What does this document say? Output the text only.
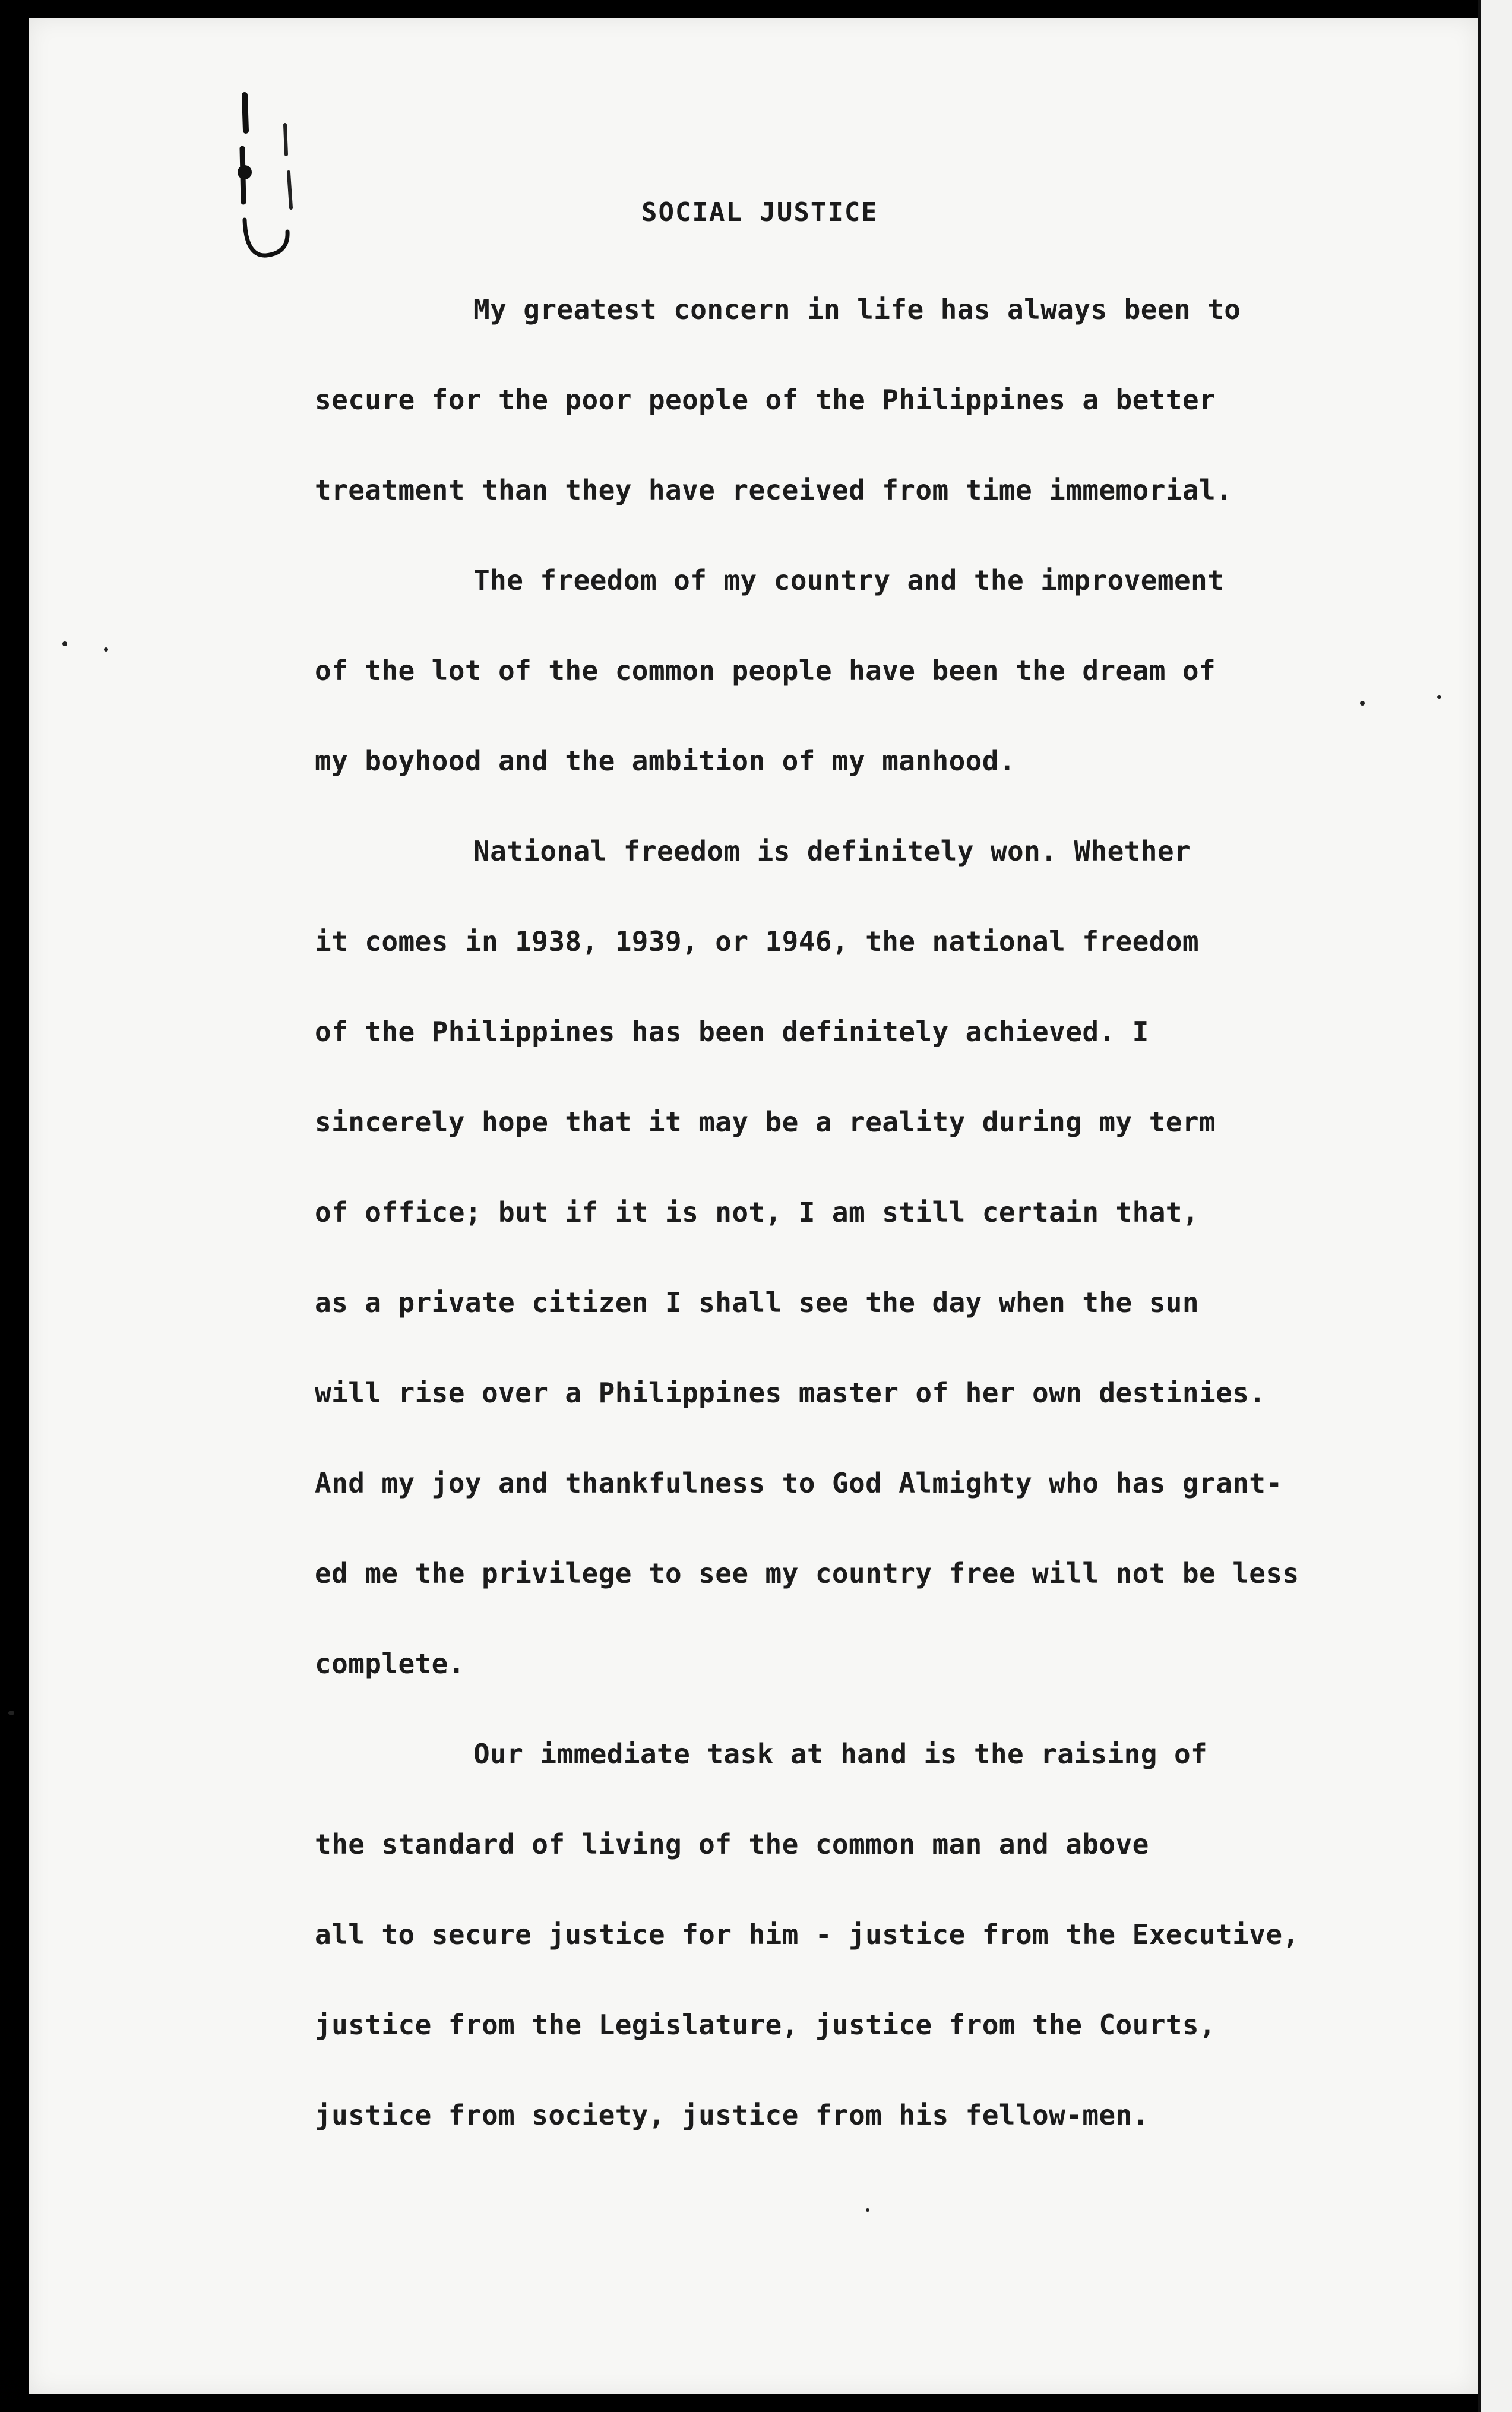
SOCIAL JUSTICE
My greatest concern in life has always been to
secure for the poor people of the Philippines a better
treatment than they have received from time immemorial.
The freedom of my country and the improvement
of the lot of the common people have been the dream of
my boyhood and the ambition of my manhood.
National freedom is definitely won. Whether
it comes in 1938, 1939, or 1946, the national freedom
of the Philippines has been definitely achieved. I
sincerely hope that it may be a reality during my term
of office; but if it is not, I am still certain that,
as a private citizen I shall see the day when the sun
will rise over a Philippines master of her own destinies.
And my joy and thankfulness to God Almighty who has grant-
ed me the privilege to see my country free will not be less
complete.
Our immediate task at hand is the raising of
the standard of living of the common man and above
all to secure justice for him - justice from the Executive,
justice from the Legislature, justice from the Courts,
justice from society, justice from his fellow-men.
